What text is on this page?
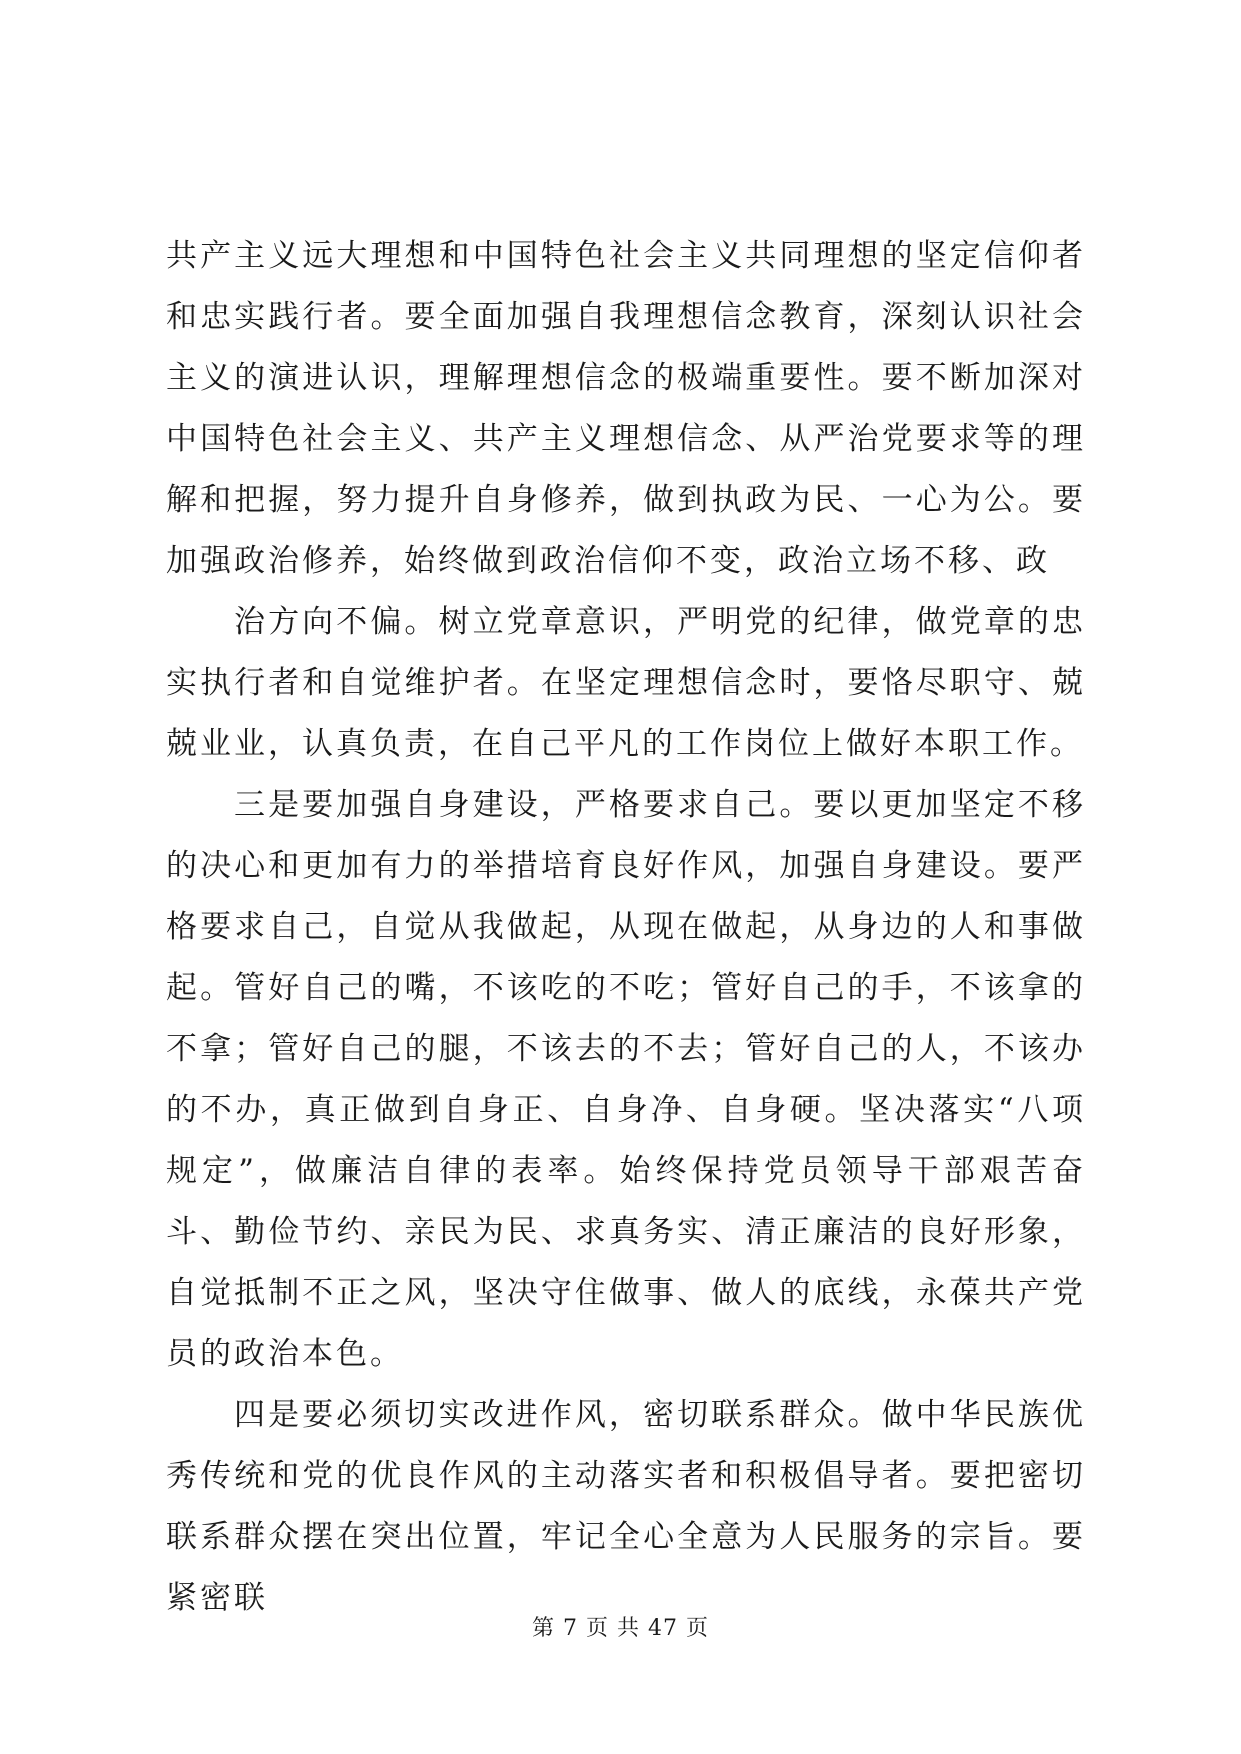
共产主义远大理想和中国特色社会主义共同理想的坚定信仰者和忠实践行者。要全面加强自我理想信念教育，深刻认识社会主义的演进认识，理解理想信念的极端重要性。要不断加深对中国特色社会主义、共产主义理想信念、从严治党要求等的理解和把握，努力提升自身修养，做到执政为民、一心为公。要加强政治修养，始终做到政治信仰不变，政治立场不移、政

治方向不偏。树立党章意识，严明党的纪律，做党章的忠实执行者和自觉维护者。在坚定理想信念时，要恪尽职守、兢兢业业，认真负责，在自己平凡的工作岗位上做好本职工作。

三是要加强自身建设，严格要求自己。要以更加坚定不移的决心和更加有力的举措培育良好作风，加强自身建设。要严格要求自己，自觉从我做起，从现在做起，从身边的人和事做起。管好自己的嘴，不该吃的不吃；管好自己的手，不该拿的不拿；管好自己的腿，不该去的不去；管好自己的人，不该办的不办，真正做到自身正、自身净、自身硬。坚决落实“八项规定”，做廉洁自律的表率。始终保持党员领导干部艰苦奋斗、勤俭节约、亲民为民、求真务实、清正廉洁的良好形象，自觉抵制不正之风，坚决守住做事、做人的底线，永葆共产党员的政治本色。

四是要必须切实改进作风，密切联系群众。做中华民族优秀传统和党的优良作风的主动落实者和积极倡导者。要把密切联系群众摆在突出位置，牢记全心全意为人民服务的宗旨。要紧密联

第 7 页 共 47 页
